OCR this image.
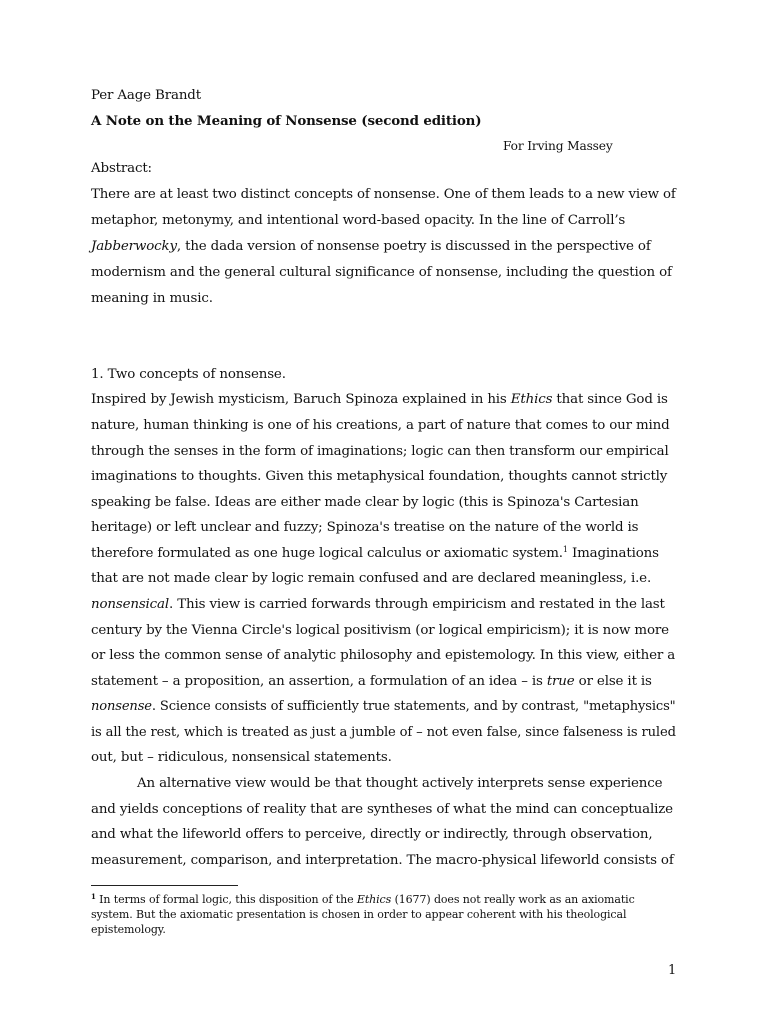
Per Aage Brandt
A Note on the Meaning of Nonsense (second edition)
For Irving Massey
Abstract:
There are at least two distinct concepts of nonsense. One of them leads to a new view of
metaphor, metonymy, and intentional word-based opacity. In the line of Carroll’s
Jabberwocky, the dada version of nonsense poetry is discussed in the perspective of
modernism and the general cultural significance of nonsense, including the question of
meaning in music.
1. Two concepts of nonsense.
Inspired by Jewish mysticism, Baruch Spinoza explained in his Ethics that since God is
nature, human thinking is one of his creations, a part of nature that comes to our mind
through the senses in the form of imaginations; logic can then transform our empirical
imaginations to thoughts. Given this metaphysical foundation, thoughts cannot strictly
speaking be false. Ideas are either made clear by logic (this is Spinoza's Cartesian
heritage) or left unclear and fuzzy; Spinoza's treatise on the nature of the world is
therefore formulated as one huge logical calculus or axiomatic system.$^1$ Imaginations
that are not made clear by logic remain confused and are declared meaningless, i.e.
nonsensical. This view is carried forwards through empiricism and restated in the last
century by the Vienna Circle's logical positivism (or logical empiricism); it is now more
or less the common sense of analytic philosophy and epistemology. In this view, either a
statement – a proposition, an assertion, a formulation of an idea – is true or else it is
nonsense. Science consists of sufficiently true statements, and by contrast, "metaphysics"
is all the rest, which is treated as just a jumble of – not even false, since falseness is ruled
out, but – ridiculous, nonsensical statements.
An alternative view would be that thought actively interprets sense experience
and yields conceptions of reality that are syntheses of what the mind can conceptualize
and what the lifeworld offers to perceive, directly or indirectly, through observation,
measurement, comparison, and interpretation. The macro-physical lifeworld consists of
$^1$ In terms of formal logic, this disposition of the Ethics (1677) does not really work as an axiomatic
system. But the axiomatic presentation is chosen in order to appear coherent with his theological
epistemology.
1
